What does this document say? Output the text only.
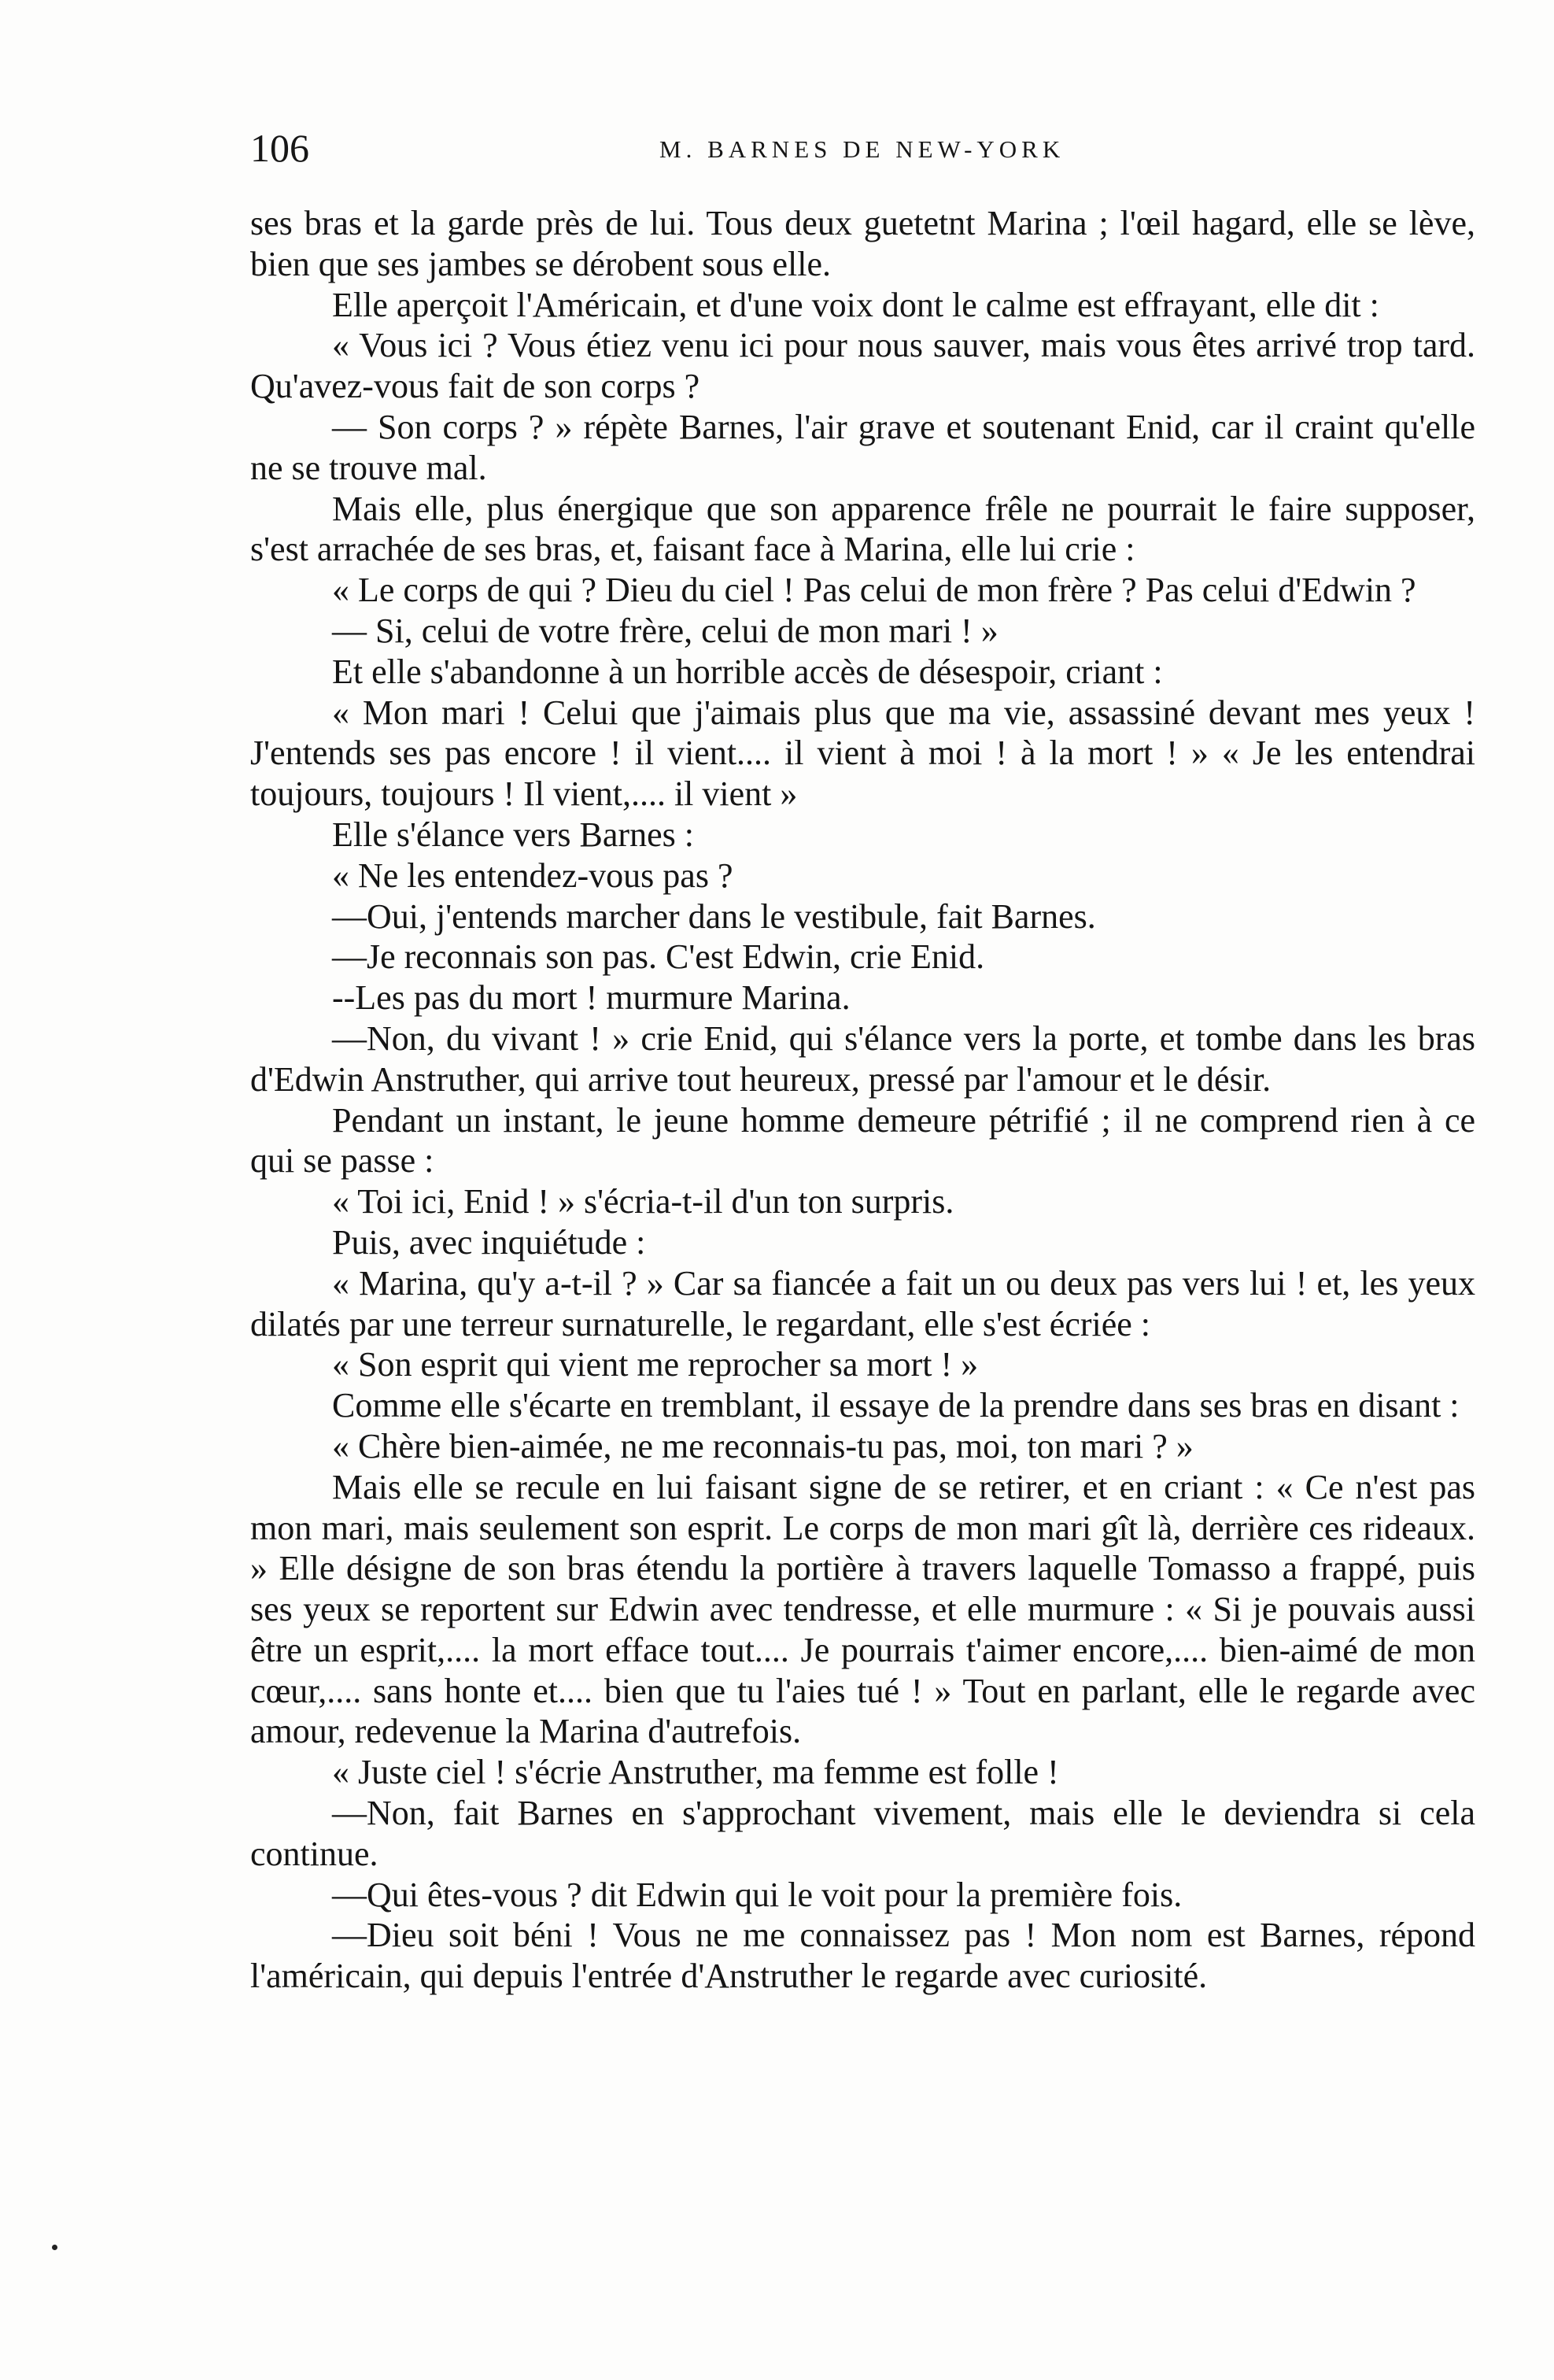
106	M. BARNES DE NEW-YORK

ses bras et la garde près de lui. Tous deux guetetnt Marina ; l'œil hagard, elle se lève, bien que ses jambes se dérobent sous elle.

Elle aperçoit l'Américain, et d'une voix dont le calme est effrayant, elle dit :

« Vous ici ? Vous étiez venu ici pour nous sauver, mais vous êtes arrivé trop tard. Qu'avez-vous fait de son corps ?

— Son corps ? » répète Barnes, l'air grave et soutenant Enid, car il craint qu'elle ne se trouve mal.

Mais elle, plus énergique que son apparence frêle ne pourrait le faire supposer, s'est arrachée de ses bras, et, faisant face à Marina, elle lui crie :

« Le corps de qui ? Dieu du ciel ! Pas celui de mon frère ? Pas celui d'Edwin ?

— Si, celui de votre frère, celui de mon mari ! »

Et elle s'abandonne à un horrible accès de désespoir, criant :

« Mon mari ! Celui que j'aimais plus que ma vie, assassiné devant mes yeux ! J'entends ses pas encore ! il vient.... il vient à moi ! à la mort ! » « Je les entendrai toujours, toujours ! Il vient,.... il vient »

Elle s'élance vers Barnes :

« Ne les entendez-vous pas ?

—Oui, j'entends marcher dans le vestibule, fait Barnes.

—Je reconnais son pas. C'est Edwin, crie Enid.

--Les pas du mort ! murmure Marina.

—Non, du vivant ! » crie Enid, qui s'élance vers la porte, et tombe dans les bras d'Edwin Anstruther, qui arrive tout heureux, pressé par l'amour et le désir.

Pendant un instant, le jeune homme demeure pétrifié ; il ne comprend rien à ce qui se passe :

« Toi ici, Enid ! » s'écria-t-il d'un ton surpris.

Puis, avec inquiétude :

« Marina, qu'y a-t-il ? » Car sa fiancée a fait un ou deux pas vers lui ! et, les yeux dilatés par une terreur surnaturelle, le regardant, elle s'est écriée :

« Son esprit qui vient me reprocher sa mort ! »

Comme elle s'écarte en tremblant, il essaye de la prendre dans ses bras en disant :

« Chère bien-aimée, ne me reconnais-tu pas, moi, ton mari ? »

Mais elle se recule en lui faisant signe de se retirer, et en criant : « Ce n'est pas mon mari, mais seulement son esprit. Le corps de mon mari gît là, derrière ces rideaux. » Elle désigne de son bras étendu la portière à travers laquelle Tomasso a frappé, puis ses yeux se reportent sur Edwin avec tendresse, et elle murmure : « Si je pouvais aussi être un esprit,.... la mort efface tout.... Je pourrais t'aimer encore,.... bien-aimé de mon cœur,.... sans honte et.... bien que tu l'aies tué ! » Tout en parlant, elle le regarde avec amour, redevenue la Marina d'autrefois.

« Juste ciel ! s'écrie Anstruther, ma femme est folle !

—Non, fait Barnes en s'approchant vivement, mais elle le deviendra si cela continue.

—Qui êtes-vous ? dit Edwin qui le voit pour la première fois.

—Dieu soit béni ! Vous ne me connaissez pas ! Mon nom est Barnes, répond l'américain, qui depuis l'entrée d'Anstruther le regarde avec curiosité.
